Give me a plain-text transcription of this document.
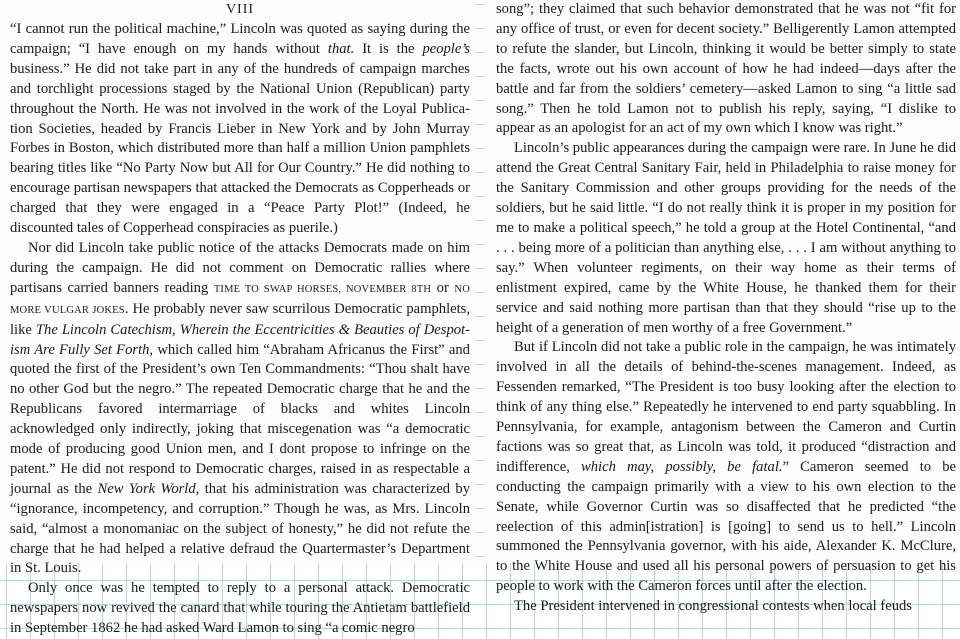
VIII

“I cannot run the political machine,” Lincoln was quoted as saying during the campaign; “I have enough on my hands without that. It is the people’s business.” He did not take part in any of the hundreds of campaign marches and torchlight processions staged by the National Union (Republican) party throughout the North. He was not involved in the work of the Loyal Publication Societies, headed by Francis Lieber in New York and by John Murray Forbes in Boston, which distributed more than half a million Union pamphlets bearing titles like “No Party Now but All for Our Country.” He did nothing to encourage partisan newspapers that attacked the Democrats as Copperheads or charged that they were engaged in a “Peace Party Plot!” (Indeed, he discounted tales of Copperhead conspiracies as puerile.)

Nor did Lincoln take public notice of the attacks Democrats made on him during the campaign. He did not comment on Democratic rallies where partisans carried banners reading TIME TO SWAP HORSES, NOVEMBER 8TH or NO MORE VULGAR JOKES. He probably never saw scurrilous Democratic pamphlets, like The Lincoln Catechism, Wherein the Eccentricities & Beauties of Despotism Are Fully Set Forth, which called him “Abraham Africanus the First” and quoted the first of the President’s own Ten Commandments: “Thou shalt have no other God but the negro.” The repeated Democratic charge that he and the Republicans favored intermarriage of blacks and whites Lincoln acknowledged only indirectly, joking that miscegenation was “a democratic mode of producing good Union men, and I dont propose to infringe on the patent.” He did not respond to Democratic charges, raised in as respectable a journal as the New York World, that his administration was characterized by “ignorance, incompetency, and corruption.” Though he was, as Mrs. Lincoln said, “almost a monomaniac on the subject of honesty,” he did not refute the charge that he had helped a relative defraud the Quartermaster’s Department in St. Louis.

Only once was he tempted to reply to a personal attack. Democratic newspapers now revived the canard that while touring the Antietam battlefield in September 1862 he had asked Ward Lamon to sing “a comic negro

song”; they claimed that such behavior demonstrated that he was not “fit for any office of trust, or even for decent society.” Belligerently Lamon attempted to refute the slander, but Lincoln, thinking it would be better simply to state the facts, wrote out his own account of how he had indeed—days after the battle and far from the soldiers’ cemetery—asked Lamon to sing “a little sad song.” Then he told Lamon not to publish his reply, saying, “I dislike to appear as an apologist for an act of my own which I know was right.”

Lincoln’s public appearances during the campaign were rare. In June he did attend the Great Central Sanitary Fair, held in Philadelphia to raise money for the Sanitary Commission and other groups providing for the needs of the soldiers, but he said little. “I do not really think it is proper in my position for me to make a political speech,” he told a group at the Hotel Continental, “and . . . being more of a politician than anything else, . . . I am without anything to say.” When volunteer regiments, on their way home as their terms of enlistment expired, came by the White House, he thanked them for their service and said nothing more partisan than that they should “rise up to the height of a generation of men worthy of a free Government.”

But if Lincoln did not take a public role in the campaign, he was intimately involved in all the details of behind-the-scenes management. Indeed, as Fessenden remarked, “The President is too busy looking after the election to think of any thing else.” Repeatedly he intervened to end party squabbling. In Pennsylvania, for example, antagonism between the Cameron and Curtin factions was so great that, as Lincoln was told, it produced “distraction and indifference, which may, possibly, be fatal.” Cameron seemed to be conducting the campaign primarily with a view to his own election to the Senate, while Governor Curtin was so disaffected that he predicted “the reelection of this admin[istration] is [going] to send us to hell.” Lincoln summoned the Pennsylvania governor, with his aide, Alexander K. McClure, to the White House and used all his personal powers of persuasion to get his people to work with the Cameron forces until after the election.

The President intervened in congressional contests when local feuds
